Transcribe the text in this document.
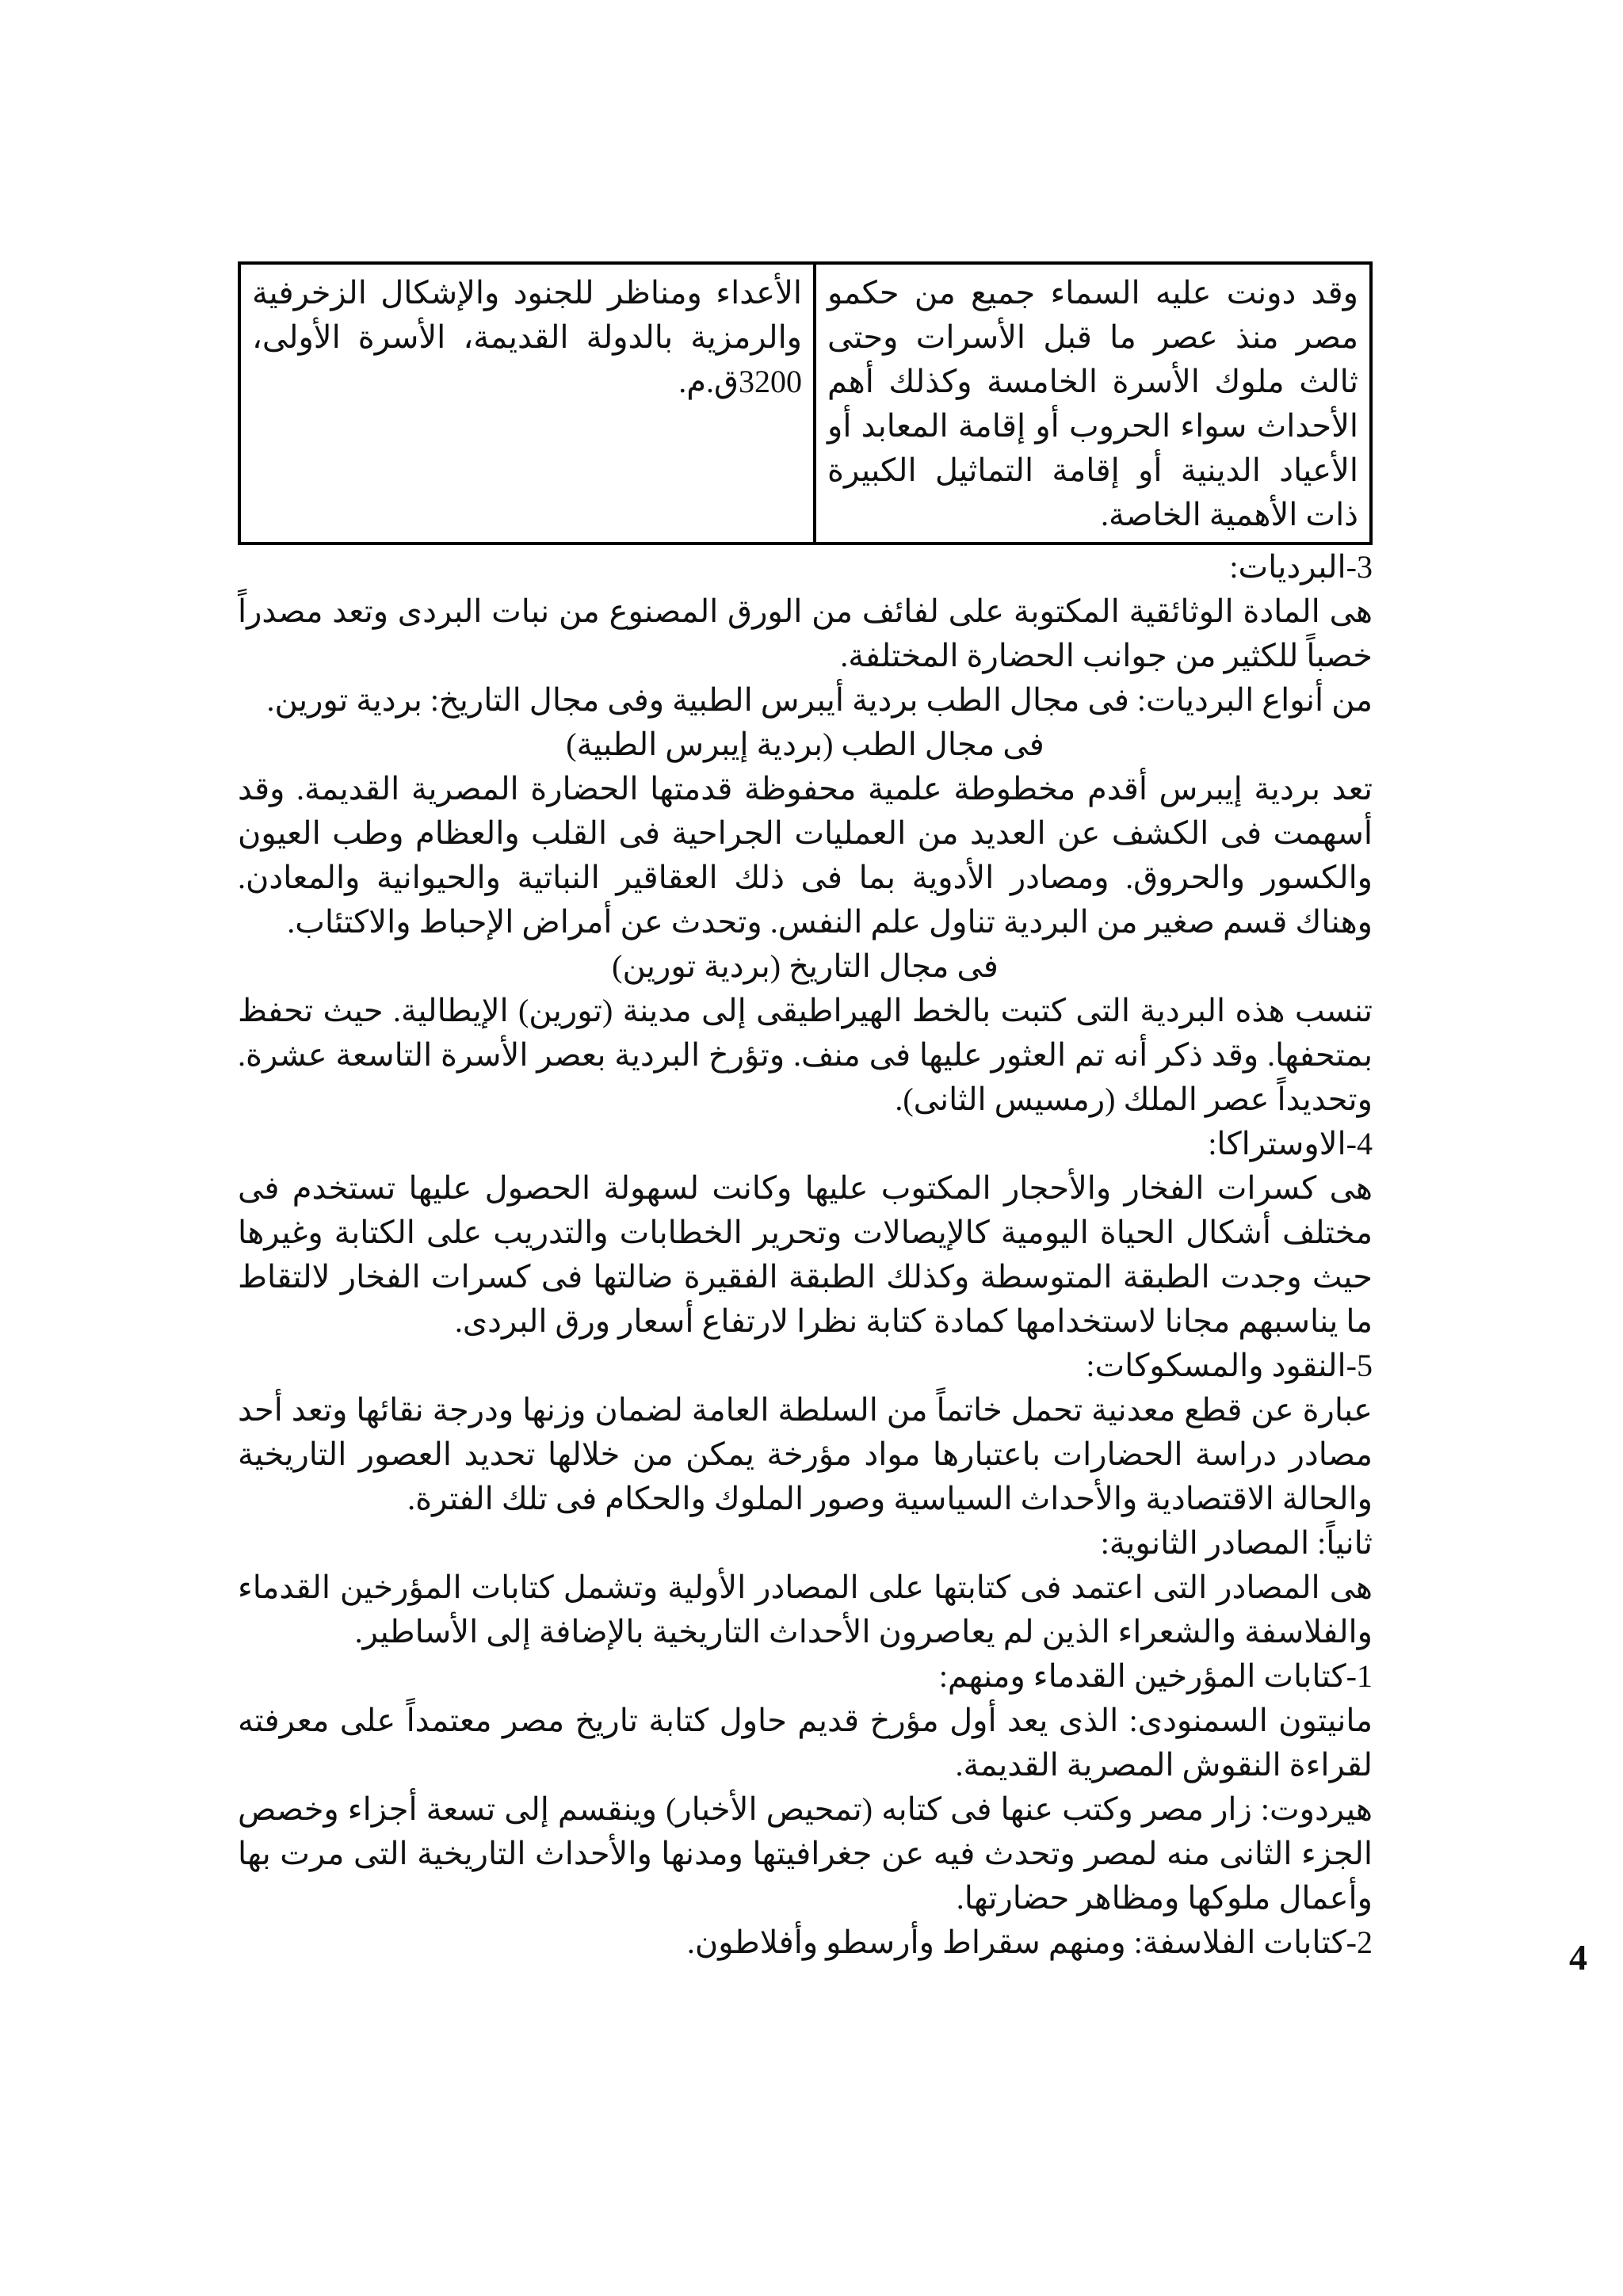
وقد دونت عليه السماء جميع من حكمو مصر منذ عصر ما قبل الأسرات وحتى ثالث ملوك الأسرة الخامسة وكذلك أهم الأحداث سواء الحروب أو إقامة المعابد أو الأعياد الدينية أو إقامة التماثيل الكبيرة ذات الأهمية الخاصة.	الأعداء ومناظر للجنود والإشكال الزخرفية والرمزية بالدولة القديمة، الأسرة الأولى، 3200ق.م.

3-البرديات:

هى المادة الوثائقية المكتوبة على لفائف من الورق المصنوع من نبات البردى وتعد مصدراً خصباً للكثير من جوانب الحضارة المختلفة.

من أنواع البرديات: فى مجال الطب بردية أيبرس الطبية وفى مجال التاريخ: بردية تورين.

فى مجال الطب (بردية إيبرس الطبية)

تعد بردية إيبرس أقدم مخطوطة علمية محفوظة قدمتها الحضارة المصرية القديمة. وقد أسهمت فى الكشف عن العديد من العمليات الجراحية فى القلب والعظام وطب العيون والكسور والحروق. ومصادر الأدوية بما فى ذلك العقاقير النباتية والحيوانية والمعادن. وهناك قسم صغير من البردية تناول علم النفس. وتحدث عن أمراض الإحباط والاكتئاب.

فى مجال التاريخ (بردية تورين)

تنسب هذه البردية التى كتبت بالخط الهيراطيقى إلى مدينة (تورين) الإيطالية. حيث تحفظ بمتحفها. وقد ذكر أنه تم العثور عليها فى منف. وتؤرخ البردية بعصر الأسرة التاسعة عشرة. وتحديداً عصر الملك (رمسيس الثانى).

4-الاوستراكا:

هى كسرات الفخار والأحجار المكتوب عليها وكانت لسهولة الحصول عليها تستخدم فى مختلف أشكال الحياة اليومية كالإيصالات وتحرير الخطابات والتدريب على الكتابة وغيرها حيث وجدت الطبقة المتوسطة وكذلك الطبقة الفقيرة ضالتها فى كسرات الفخار لالتقاط ما يناسبهم مجانا لاستخدامها كمادة كتابة نظرا لارتفاع أسعار ورق البردى.

5-النقود والمسكوكات:

عبارة عن قطع معدنية تحمل خاتماً من السلطة العامة لضمان وزنها ودرجة نقائها وتعد أحد مصادر دراسة الحضارات باعتبارها مواد مؤرخة يمكن من خلالها تحديد العصور التاريخية والحالة الاقتصادية والأحداث السياسية وصور الملوك والحكام فى تلك الفترة.

ثانياً: المصادر الثانوية:

هى المصادر التى اعتمد فى كتابتها على المصادر الأولية وتشمل كتابات المؤرخين القدماء والفلاسفة والشعراء الذين لم يعاصرون الأحداث التاريخية بالإضافة إلى الأساطير.

1-كتابات المؤرخين القدماء ومنهم:

مانيتون السمنودى: الذى يعد أول مؤرخ قديم حاول كتابة تاريخ مصر معتمداً على معرفته لقراءة النقوش المصرية القديمة.

هيردوت: زار مصر وكتب عنها فى كتابه (تمحيص الأخبار) وينقسم إلى تسعة أجزاء وخصص الجزء الثانى منه لمصر وتحدث فيه عن جغرافيتها ومدنها والأحداث التاريخية التى مرت بها وأعمال ملوكها ومظاهر حضارتها.

2-كتابات الفلاسفة: ومنهم سقراط وأرسطو وأفلاطون.	4
